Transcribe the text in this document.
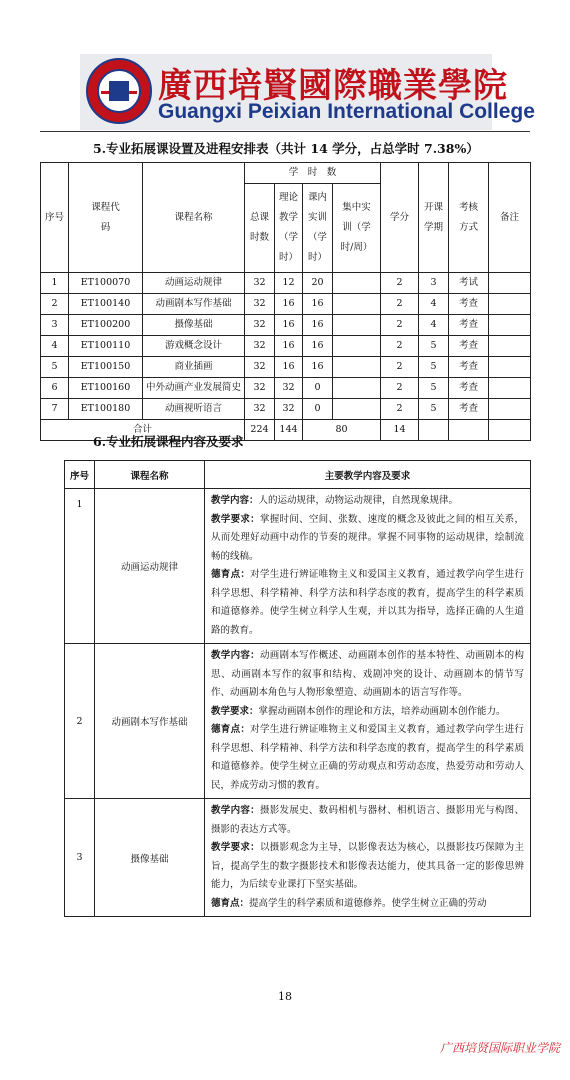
廣西培賢國際職業學院
Guangxi Peixian International College
5.专业拓展课设置及进程安排表（共计 14 学分，占总学时 7.38%）
序号	课程代码	课程名称	学　时　数				学分	开课学期	考核方式	备注
			总课时数	理论教学（学时）	课内实训（学时）	集中实训（学时/周）				
1	ET100070	动画运动规律	32	12	20		2	3	考试	
2	ET100140	动画剧本写作基础	32	16	16		2	4	考查	
3	ET100200	摄像基础	32	16	16		2	4	考查	
4	ET100110	游戏概念设计	32	16	16		2	5	考查	
5	ET100150	商业插画	32	16	16		2	5	考查	
6	ET100160	中外动画产业发展简史	32	32	0		2	5	考查	
7	ET100180	动画视听语言	32	32	0		2	5	考查	
合计			224	144	80		14			
6.专业拓展课程内容及要求
序号	课程名称	主要教学内容及要求
1	动画运动规律	教学内容：人的运动规律，动物运动规律，自然现象规律。
教学要求：掌握时间、空间、张数、速度的概念及彼此之间的相互关系，从而处理好动画中动作的节奏的规律。掌握不同事物的运动规律，绘制流畅的线稿。
德育点：对学生进行辨证唯物主义和爱国主义教育，通过教学向学生进行科学思想、科学精神、科学方法和科学态度的教育，提高学生的科学素质和道德修养。使学生树立科学人生观，并以其为指导，选择正确的人生道路的教育。

2	动画剧本写作基础	教学内容：动画剧本写作概述、动画剧本创作的基本特性、动画剧本的构思、动画剧本写作的叙事和结构、戏剧冲突的设计、动画剧本的情节写作、动画剧本角色与人物形象塑造、动画剧本的语言写作等。
教学要求：掌握动画剧本创作的理论和方法，培养动画剧本创作能力。
德育点：对学生进行辨证唯物主义和爱国主义教育，通过教学向学生进行科学思想、科学精神、科学方法和科学态度的教育，提高学生的科学素质和道德修养。使学生树立正确的劳动观点和劳动态度，热爱劳动和劳动人民，养成劳动习惯的教育。

3	摄像基础	教学内容：摄影发展史、数码相机与器材、相机语言、摄影用光与构图、摄影的表达方式等。
教学要求：以摄影观念为主导，以影像表达为核心，以摄影技巧保障为主旨，提高学生的数字摄影技术和影像表达能力，使其具备一定的影像思辨能力，为后续专业课打下坚实基础。
德育点：提高学生的科学素质和道德修养。使学生树立正确的劳动
18
广西培贤国际职业学院
